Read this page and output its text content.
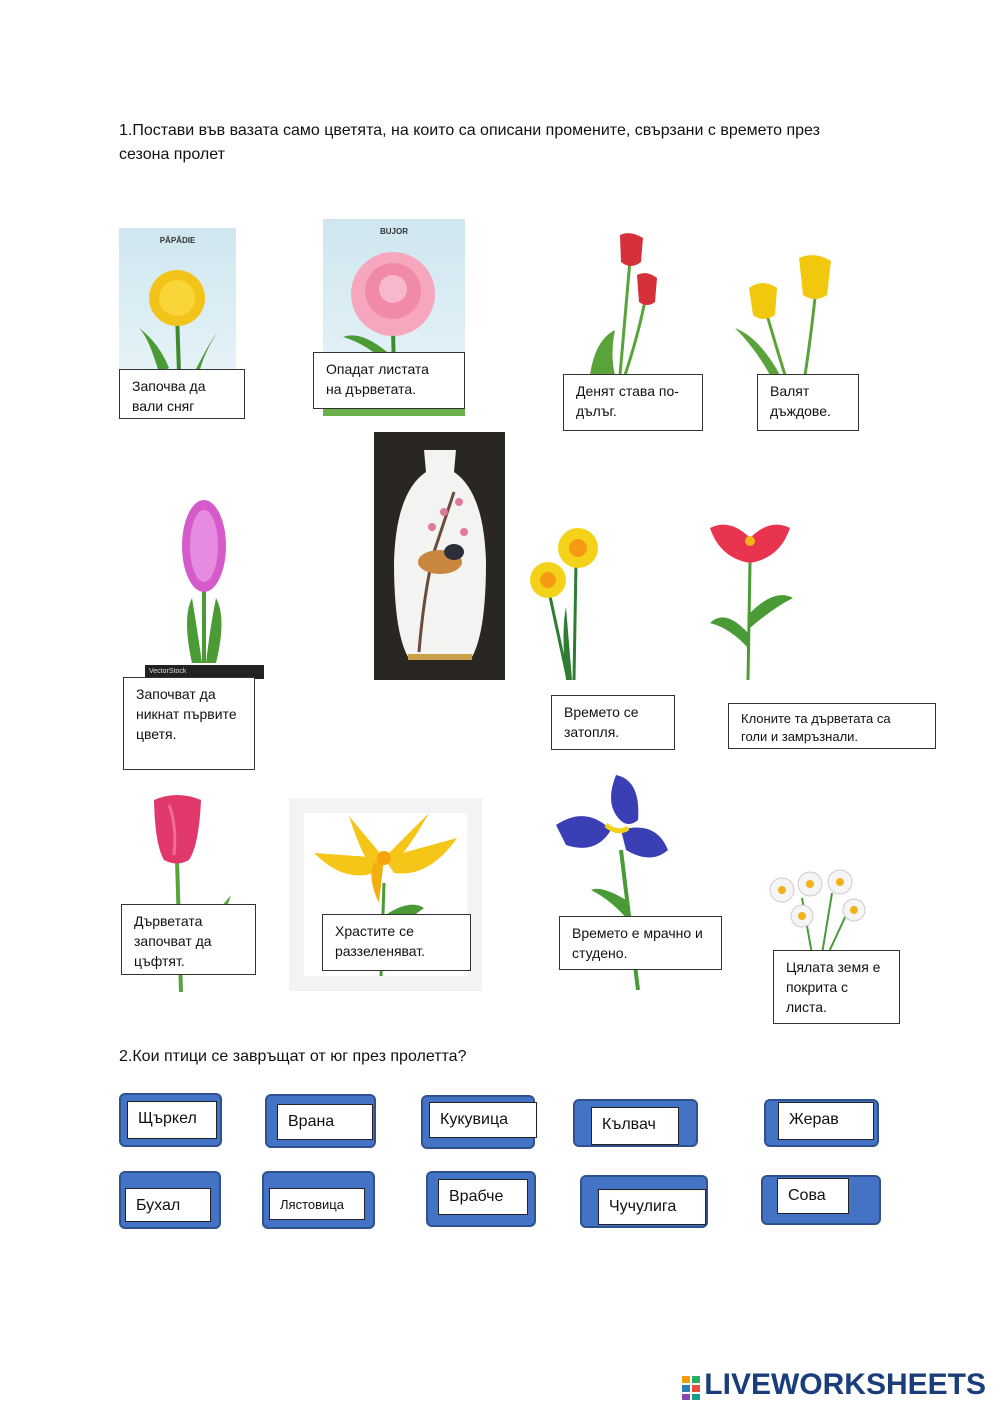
1.Постави във вазата само цветята, на които са описани промените, свързани с времето през
сезона пролет
PĂPĂDIE
Започва да
вали сняг
BUJOR
Опадат листата
на дърветата.	Денят става по-
дълъг.
Валят
дъждове.
VectorStock
Започват да
никнат първите
цветя.
Времето се
затопля.
Клоните та дърветата са
голи и замръзнали.
Дърветата
започват да
цъфтят.
Храстите се
раззеленяват.
Времето е мрачно и
студено.
Цялата земя е
покрита с
листа.
2.Кои птици се завръщат от юг през пролетта?
Щъркел	Врана	Кукувица	Кълвач	Жерав
Бухал	Лястовица	Врабче
Чучулига
Сова
LIVEWORKSHEETS
